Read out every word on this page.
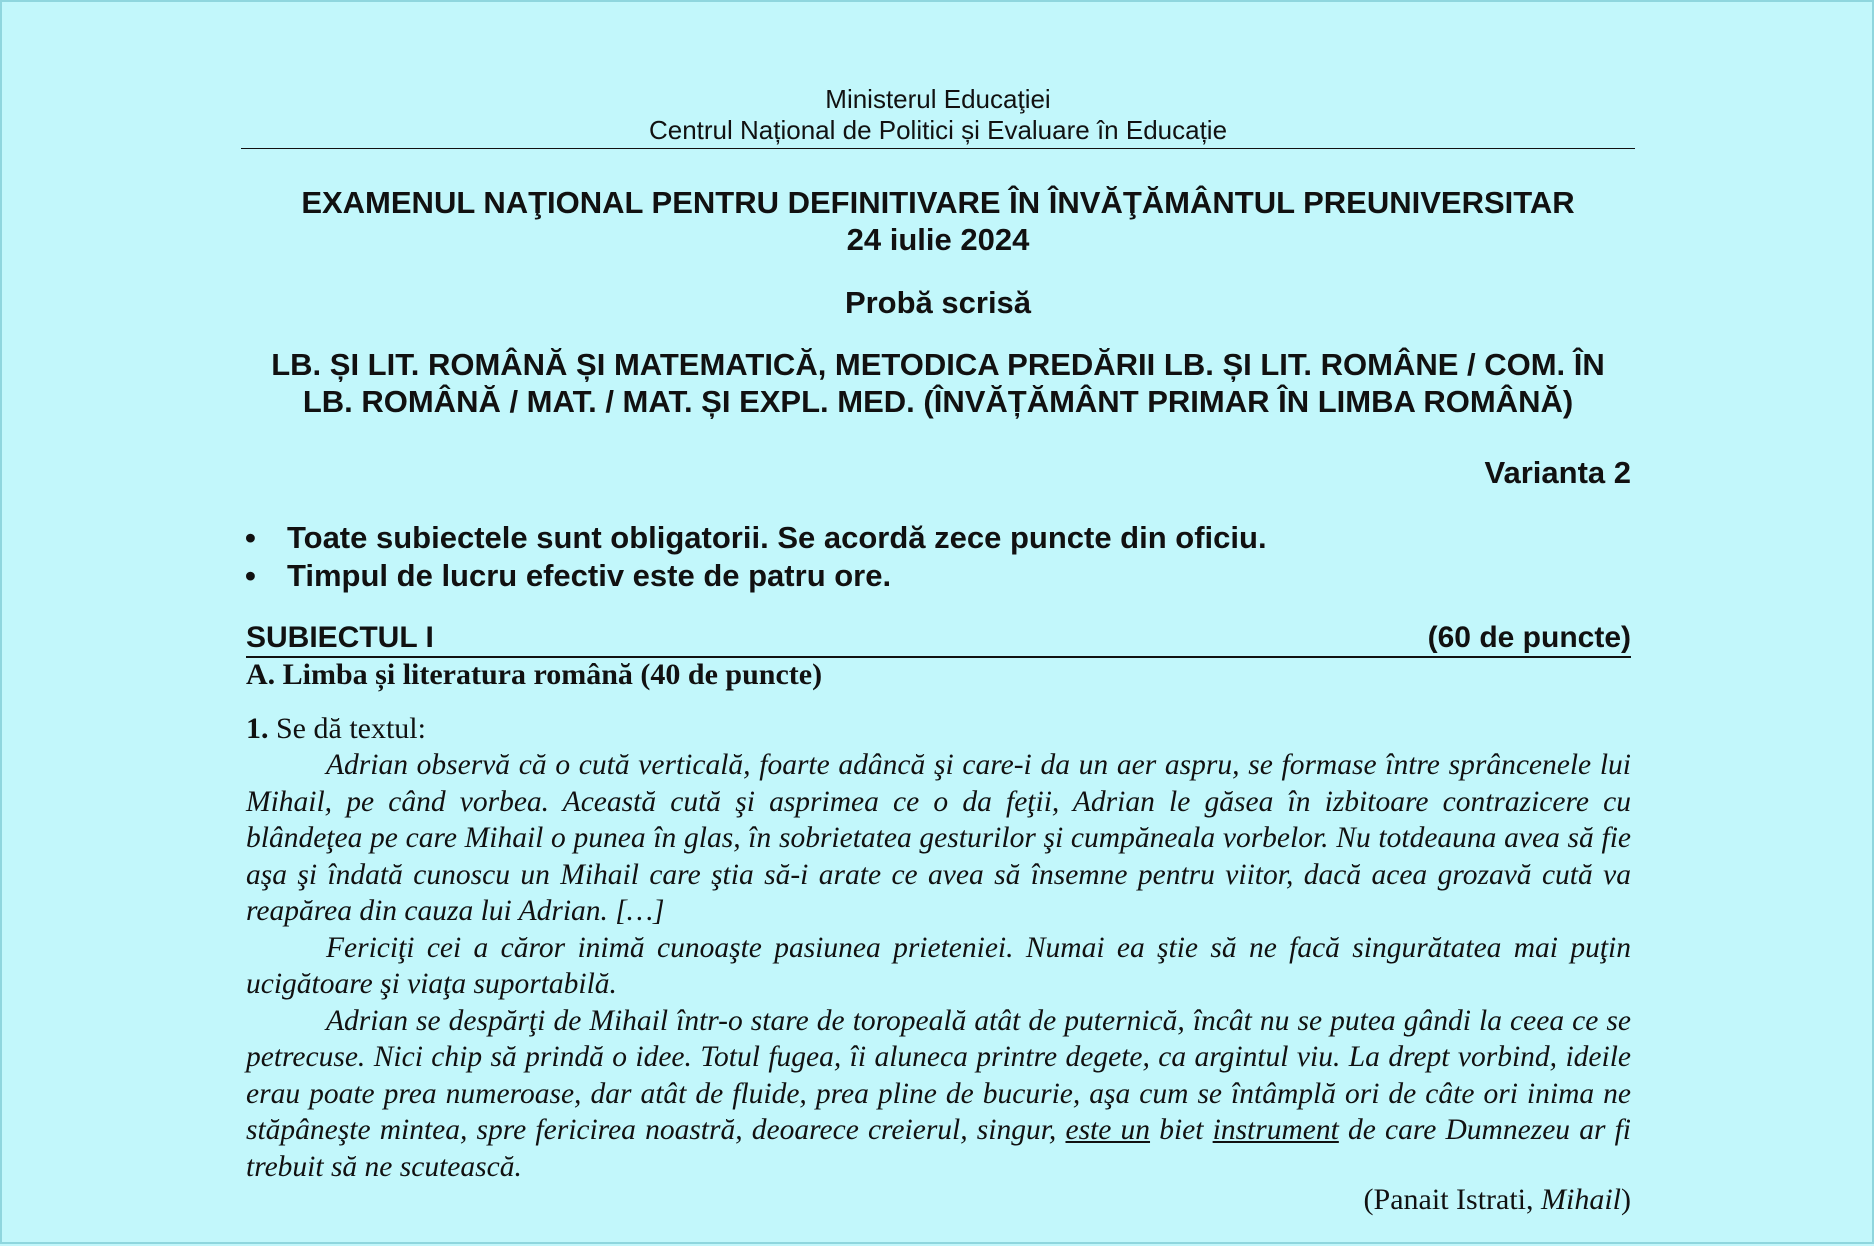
Ministerul Educaţiei
Centrul Național de Politici și Evaluare în Educație
EXAMENUL NAŢIONAL PENTRU DEFINITIVARE ÎN ÎNVĂŢĂMÂNTUL PREUNIVERSITAR
24 iulie 2024
Probă scrisă
LB. ȘI LIT. ROMÂNĂ ȘI MATEMATICĂ, METODICA PREDĂRII LB. ȘI LIT. ROMÂNE / COM. ÎN
LB. ROMÂNĂ / MAT. / MAT. ȘI EXPL. MED. (ÎNVĂȚĂMÂNT PRIMAR ÎN LIMBA ROMÂNĂ)
Varianta 2
• Toate subiectele sunt obligatorii. Se acordă zece puncte din oficiu.
• Timpul de lucru efectiv este de patru ore.
SUBIECTUL I	(60 de puncte)
A. Limba și literatura română (40 de puncte)
1. Se dă textul:

Adrian observă că o cută verticală, foarte adâncă şi care-i da un aer aspru, se formase între sprâncenele lui Mihail, pe când vorbea. Această cută şi asprimea ce o da feţii, Adrian le găsea în izbitoare contrazicere cu blândeţea pe care Mihail o punea în glas, în sobrietatea gesturilor şi cumpăneala vorbelor. Nu totdeauna avea să fie aşa şi îndată cunoscu un Mihail care ştia să-i arate ce avea să însemne pentru viitor, dacă acea grozavă cută va reapărea din cauza lui Adrian. […]

Fericiţi cei a căror inimă cunoaşte pasiunea prieteniei. Numai ea ştie să ne facă singurătatea mai puţin ucigătoare şi viaţa suportabilă.

Adrian se despărţi de Mihail într-o stare de toropeală atât de puternică, încât nu se putea gândi la ceea ce se petrecuse. Nici chip să prindă o idee. Totul fugea, îi aluneca printre degete, ca argintul viu. La drept vorbind, ideile erau poate prea numeroase, dar atât de fluide, prea pline de bucurie, aşa cum se întâmplă ori de câte ori inima ne stăpâneşte mintea, spre fericirea noastră, deoarece creierul, singur, este un biet instrument de care Dumnezeu ar fi trebuit să ne scutească.

(Panait Istrati, Mihail)
